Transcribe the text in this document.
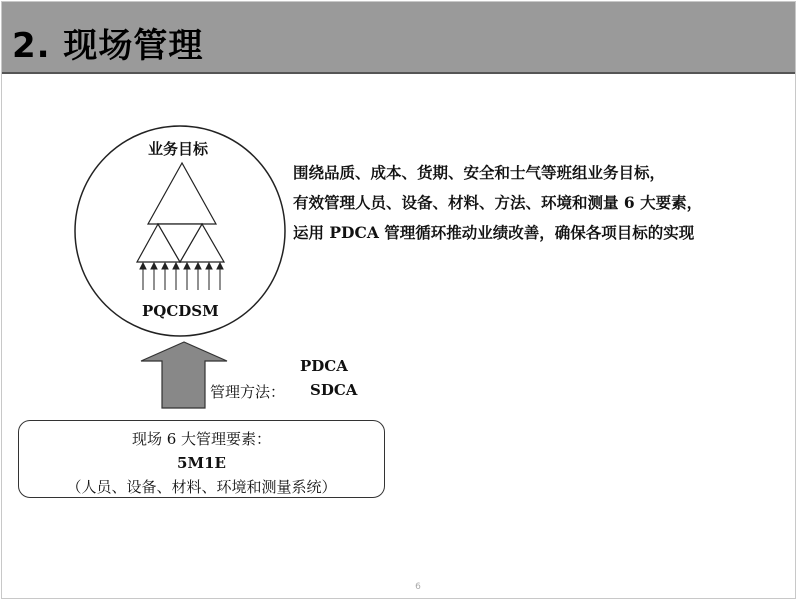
2. 现场管理
业务目标
PQCDSM
围绕品质、成本、货期、安全和士气等班组业务目标，
有效管理人员、设备、材料、方法、环境和测量 6 大要素，
运用 PDCA 管理循环推动业绩改善，确保各项目标的实现
PDCA
管理方法： SDCA
现场 6 大管理要素：
5M1E
（人员、设备、材料、环境和测量系统）
6
